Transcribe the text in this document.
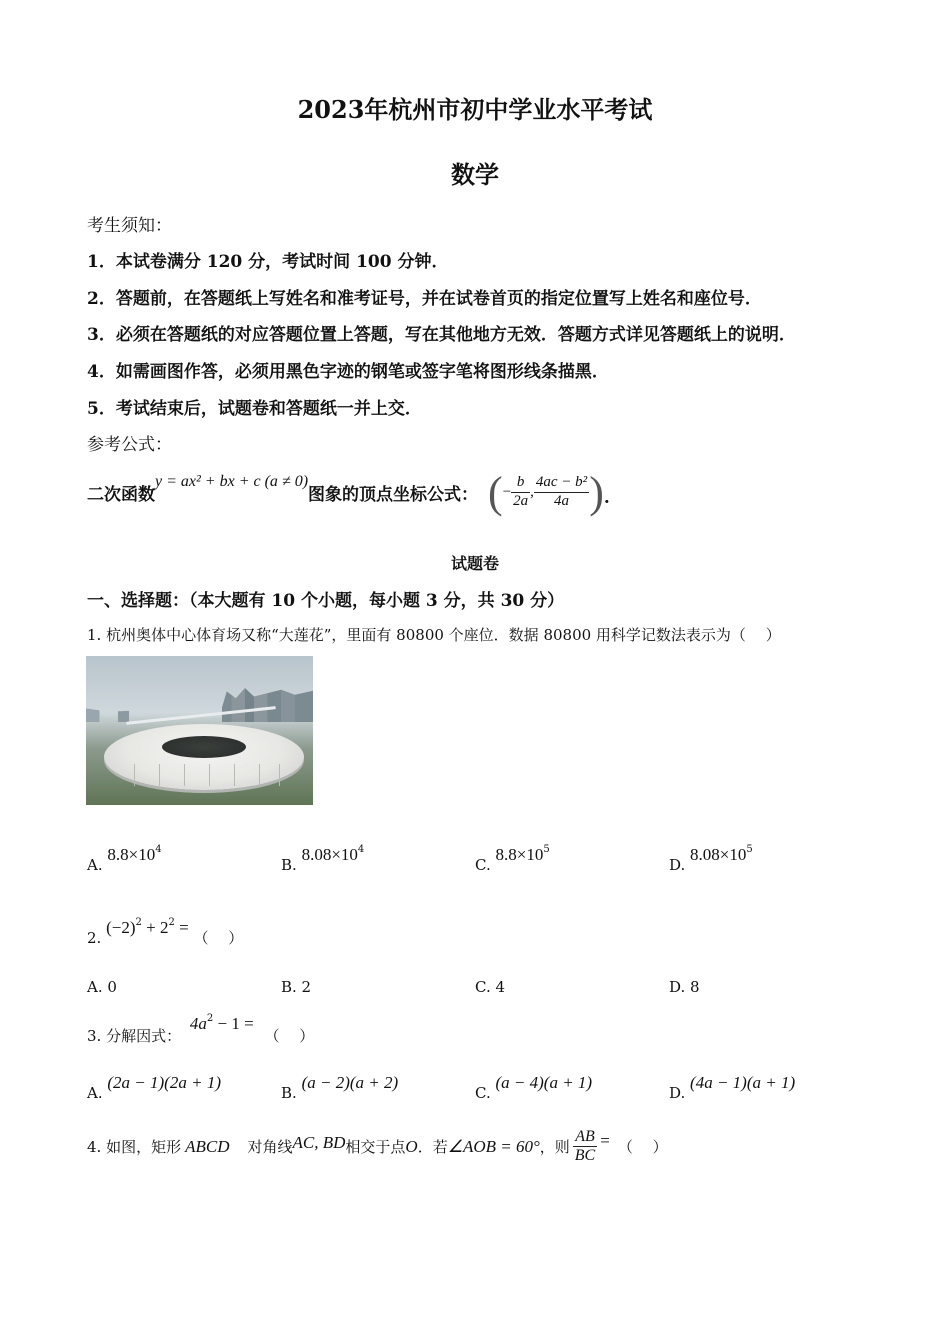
2023年杭州市初中学业水平考试
数学
考生须知：
1．本试卷满分 120 分，考试时间 100 分钟．
2．答题前，在答题纸上写姓名和准考证号，并在试卷首页的指定位置写上姓名和座位号．
3．必须在答题纸的对应答题位置上答题，写在其他地方无效．答题方式详见答题纸上的说明．
4．如需画图作答，必须用黑色字迹的钢笔或签字笔将图形线条描黑．
5．考试结束后，试题卷和答题纸一并上交．
参考公式：
二次函数
y = ax² + bx + c (a ≠ 0)
图象的顶点坐标公式： ( − $\frac{b}{2a}$ , $\frac{\text{4ac − b²}}{4a}$ ) .
试题卷
一、选择题：（本大题有 10 个小题，每小题 3 分，共 30 分）
1. 杭州奥体中心体育场又称“大莲花”，里面有 80800 个座位．数据 80800 用科学记数法表示为（　 ）
A. $8.8\times 10^4$
B. $8.08\times 10^4$
C. $8.8\times 10^5$
D. $8.08\times 10^5$
2. $(-2)^2 + 2^2$ = （　 ）
A. 0	B. 2	C. 4	D. 8
3. 分解因式： $4a^2 - 1$ = （　 ）
A. (2a − 1)(2a + 1)
B. (a − 2)(a + 2)
C. (a − 4)(a + 1)
D. (4a − 1)(a + 1)
4. 如图，矩形 ABCD 对角线 AC, BD 相交于点 O ．若 ∠AOB = 60° ，则 $\frac{AB}{BC}$ = （　 ）
